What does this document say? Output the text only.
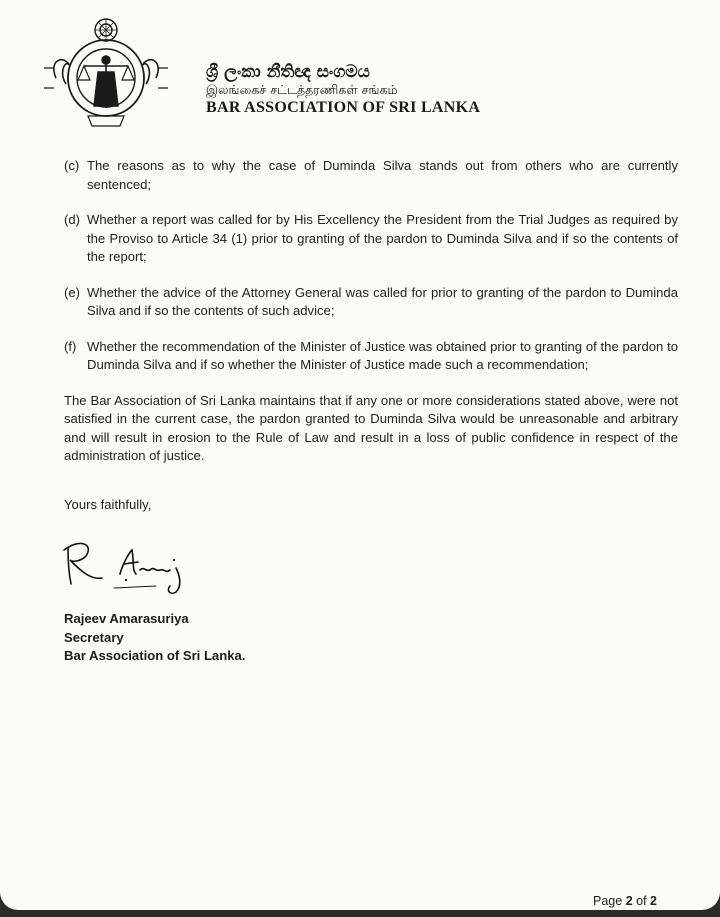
ශ්‍රී ලංකා නීතිඥ සංගමය
இலங்கைச் சட்டத்தரணிகள் சங்கம்
BAR ASSOCIATION OF SRI LANKA
(c) The reasons as to why the case of Duminda Silva stands out from others who are currently sentenced;
(d) Whether a report was called for by His Excellency the President from the Trial Judges as required by the Proviso to Article 34 (1) prior to granting of the pardon to Duminda Silva and if so the contents of the report;
(e) Whether the advice of the Attorney General was called for prior to granting of the pardon to Duminda Silva and if so the contents of such advice;
(f) Whether the recommendation of the Minister of Justice was obtained prior to granting of the pardon to Duminda Silva and if so whether the Minister of Justice made such a recommendation;
The Bar Association of Sri Lanka maintains that if any one or more considerations stated above, were not satisfied in the current case, the pardon granted to Duminda Silva would be unreasonable and arbitrary and will result in erosion to the Rule of Law and result in a loss of public confidence in respect of the administration of justice.
Yours faithfully,
Rajeev Amarasuriya
Secretary
Bar Association of Sri Lanka.
Page 2 of 2
